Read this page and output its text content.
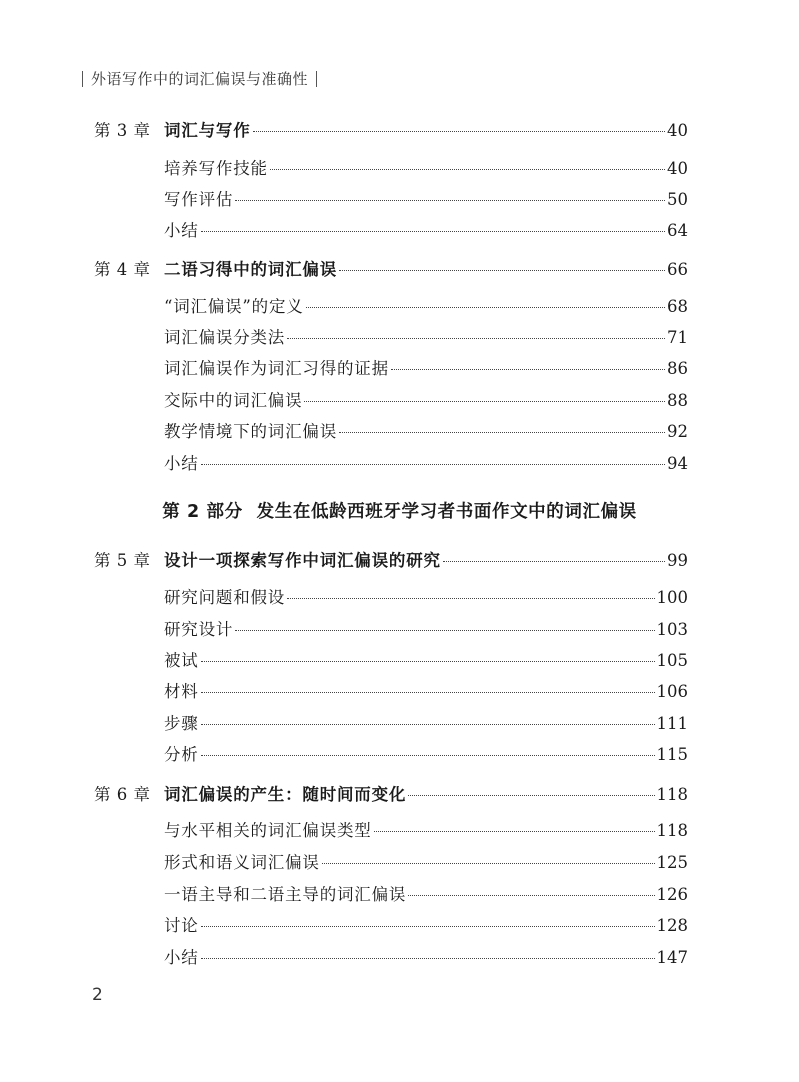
外语写作中的词汇偏误与准确性
第 3 章 词汇与写作	40
培养写作技能	40
写作评估	50
小结	64
第 4 章 二语习得中的词汇偏误	66
“词汇偏误”的定义	68
词汇偏误分类法	71
词汇偏误作为词汇习得的证据	86
交际中的词汇偏误	88
教学情境下的词汇偏误	92
小结	94
第 2 部分 发生在低龄西班牙学习者书面作文中的词汇偏误
第 5 章 设计一项探索写作中词汇偏误的研究	99
研究问题和假设	100
研究设计	103
被试	105
材料	106
步骤	111
分析	115
第 6 章 词汇偏误的产生：随时间而变化	118
与水平相关的词汇偏误类型	118
形式和语义词汇偏误	125
一语主导和二语主导的词汇偏误	126
讨论	128
小结	147
2
